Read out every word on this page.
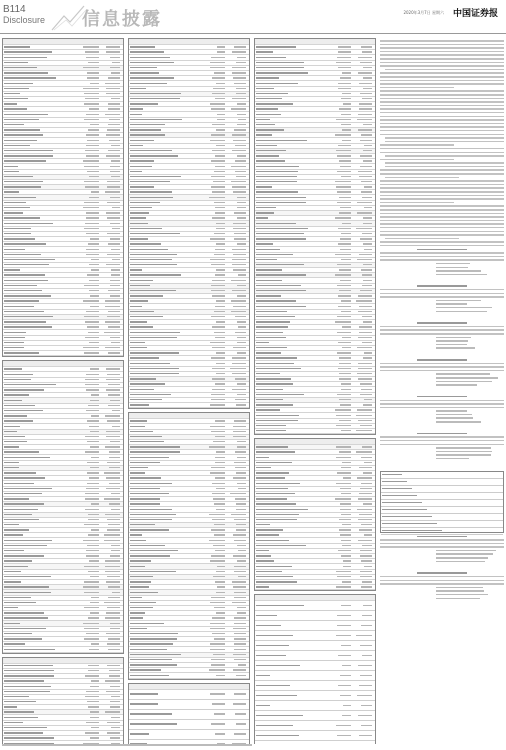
B114
Disclosure 信息披露	2020年3月7日 星期六 中国证券报
